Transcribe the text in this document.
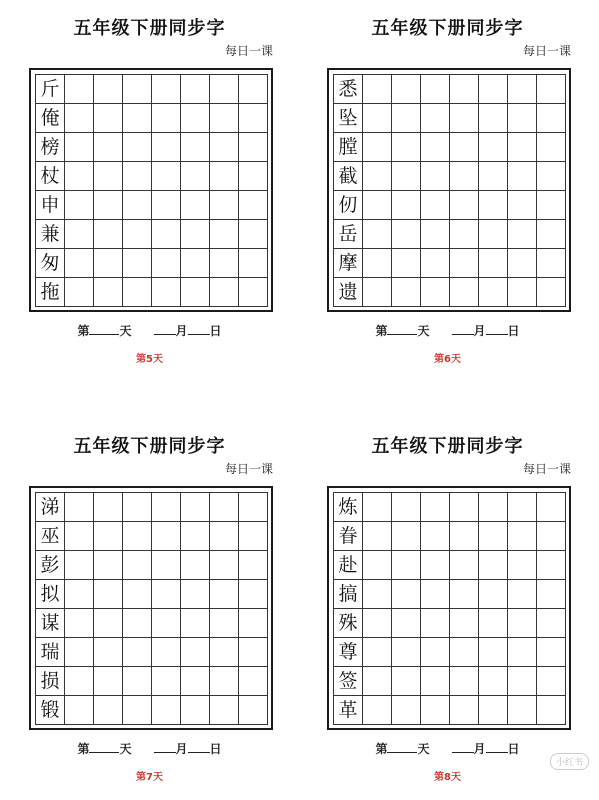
五年级下册同步字
每日一课
斤
俺
榜
杖
申
兼
匆
拖
第	天	月 日
第5天
五年级下册同步字
每日一课
悉
坠
膛
截
仞
岳
摩
遗
第	天	月 日
第6天
五年级下册同步字
每日一课
涕
巫
彭
拟
谋
瑞
损
锻
第	天	月 日
第7天
五年级下册同步字
每日一课
炼
眷
赴
搞
殊
尊
签
革
第	天	月 日
第8天
小红书
